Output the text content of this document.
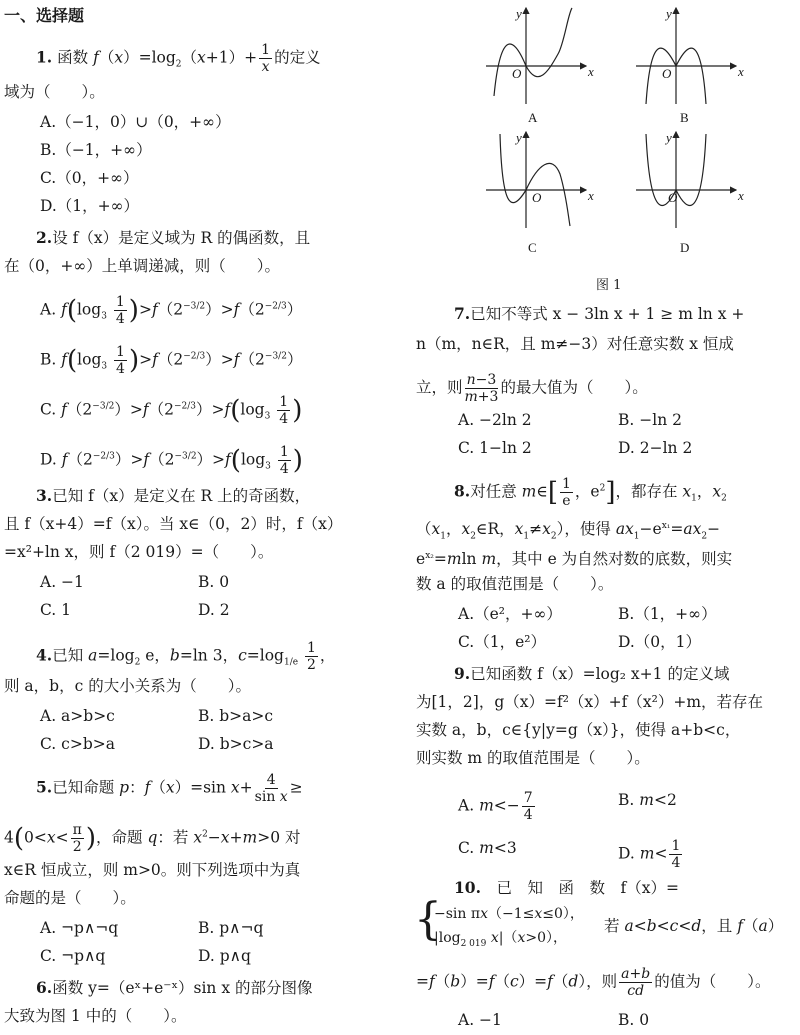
一、选择题
1. 函数 $f(x)=\log_2(x+1)+ \frac{1}{x}$ 的定义
域为（　　）。
A.（−1，0）∪（0，+∞）
B.（−1，+∞）
C.（0，+∞）
D.（1，+∞）
2.设 f（x）是定义域为 R 的偶函数，且
在（0，+∞）上单调递减，则（　　）。
A. $f(\log_3 \frac{1}{4} )>f(2^{-3/2})>f(2^{-2/3})$
B. $f(\log_3 \frac{1}{4} )>f(2^{-2/3})>f(2^{-3/2})$
C. $f(2^{-3/2})>f(2^{-2/3})>f(\log_3 \frac{1}{4}$ )
D. $f(2^{-2/3})>f(2^{-3/2})>f(\log_3 \frac{1}{4}$ )
3.已知 f（x）是定义在 R 上的奇函数，
且 f（x+4）=f（x）。当 x∈（0，2）时，f（x）
=x²+ln x，则 f（2 019）=（　　）。
A. −1	B. 0
C. 1	D. 2
4.已知 $a=\log_2$ e，b=ln 3，$c=\log_{1/e} \frac{1}{2}$ ，
则 a，b，c 的大小关系为（　　）。
A. a>b>c	B. b>a>c
C. c>b>a	D. b>c>a
5.已知命题 p：f（x）=sin $x+ \frac{4}{\text{sin x}}$ ≥
$4(0<x< \frac{\pi}{2}$ )，命题 q：若 $x^2-x+m>0$ 对
x∈R 恒成立，则 m>0。则下列选项中为真
命题的是（　　）。
A. ¬p∧¬q	B. p∧¬q
C. ¬p∧q	D. p∧q
6.函数 y=（eˣ+e⁻ˣ）sin x 的部分图像
大致为图 1 中的（　　）。
y
x
O
y
x
O
y
x
O
y
x
O
A	B
C	D
图 1
7.已知不等式 x − 3ln x + 1 ≥ m ln x +
n（m，n∈R，且 m≠−3）对任意实数 x 恒成
立，则 $\frac{n-3}{m+3}$ 的最大值为（　　）。
A. −2ln 2	B. −ln 2
C. 1−ln 2	D. 2−ln 2
8.对任意 m∈[ $\frac{1}{e}$ ，$e^2$]，都存在 $x_1$，$x_2$
（$x_1$，$x_2\in R$，$x_1\ne x_2$），使得 $ax_1-e^{x_1}=ax_2-$
$e^{x_2}=mln$ m，其中 e 为自然对数的底数，则实
数 a 的取值范围是（　　）。
A.（e²，+∞）	B.（1，+∞）
C.（1，e²）	D.（0，1）
9.已知函数 f（x）=log₂ x+1 的定义域
为[1，2]，g（x）=f²（x）+f（x²）+m，若存在
实数 a，b，c∈{y|y=g（x）}，使得 a+b<c，
则实数 m 的取值范围是（　　）。
A. $m<- \frac{7}{4}$	B. m<2
C. m<3	D. $m< \frac{1}{4}$
10.　 已　知　函　数　f（x）=
{
−sin πx（−1≤x≤0），
$|\log_{2 019}$ x|（x>0），
若 a<b<c<d，且 f（a）
=f（b）=f（c）=f（d），则 $\frac{a+b}{cd}$ 的值为（　　）。
A. −1	B. 0
